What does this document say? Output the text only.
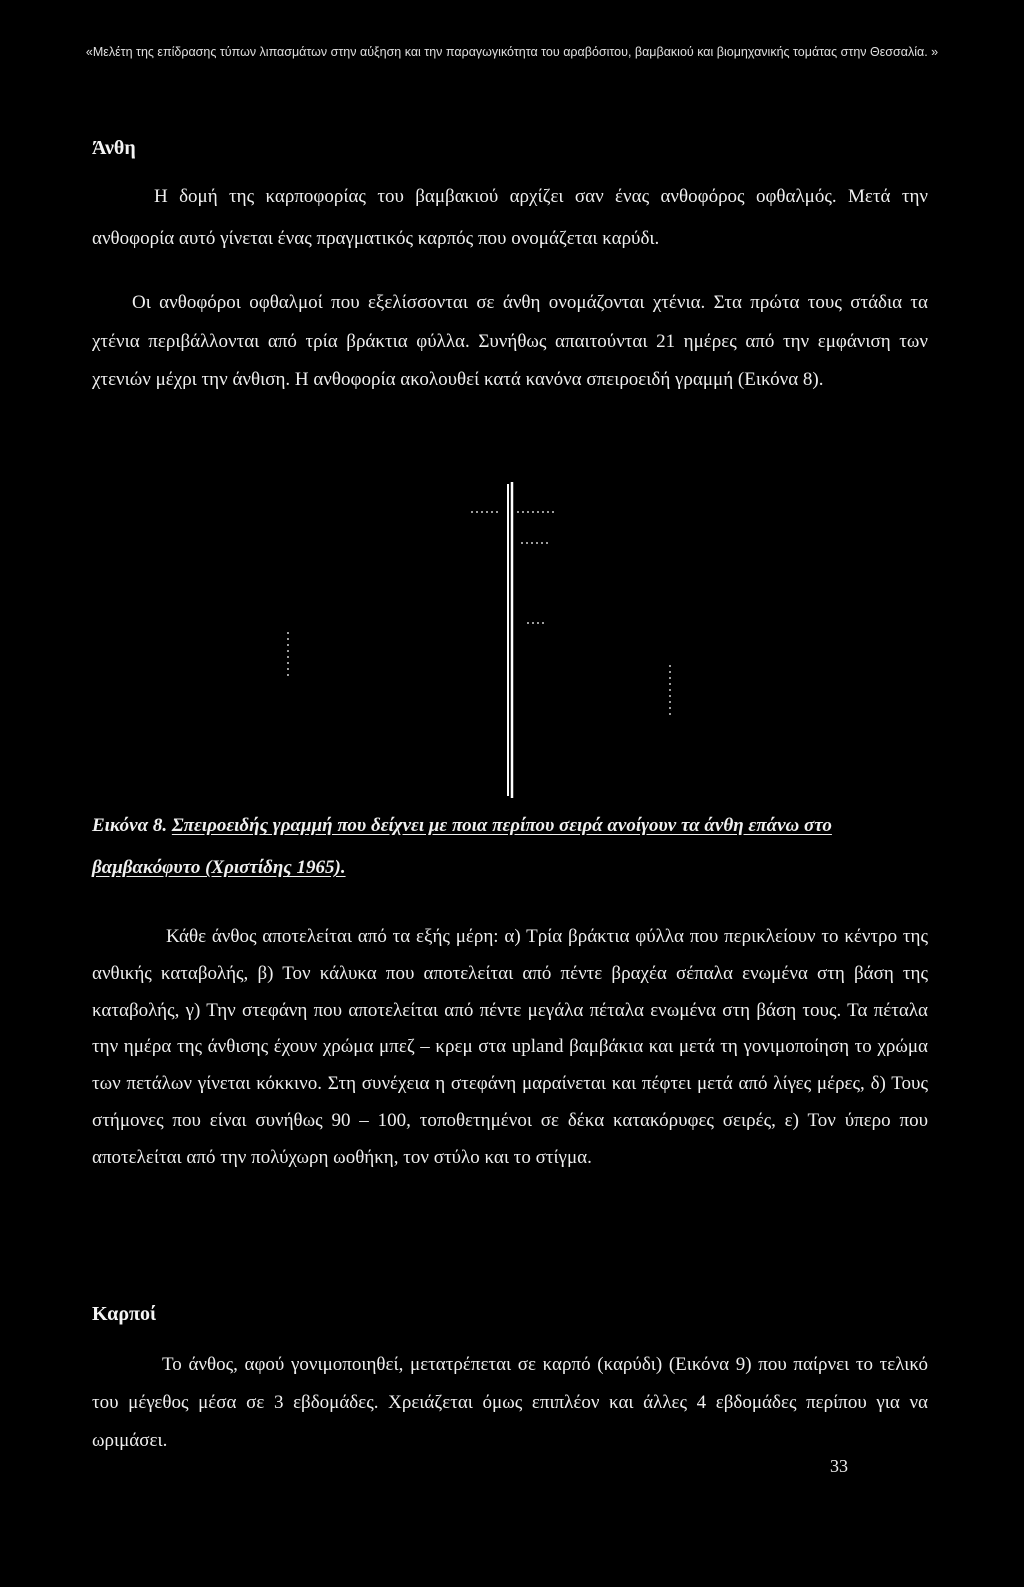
«Μελέτη της επίδρασης τύπων λιπασμάτων στην αύξηση και την παραγωγικότητα του αραβόσιτου, βαμβακιού και βιομηχανικής τομάτας στην Θεσσαλία. »
Άνθη
Η δομή της καρποφορίας του βαμβακιού αρχίζει σαν ένας ανθοφόρος οφθαλμός. Μετά την ανθοφορία αυτό γίνεται ένας πραγματικός καρπός που ονομάζεται καρύδι.
Οι ανθοφόροι οφθαλμοί που εξελίσσονται σε άνθη ονομάζονται χτένια. Στα πρώτα τους στάδια τα χτένια περιβάλλονται από τρία βράκτια φύλλα. Συνήθως απαιτούνται 21 ημέρες από την εμφάνιση των χτενιών μέχρι την άνθιση. Η ανθοφορία ακολουθεί κατά κανόνα σπειροειδή γραμμή (Εικόνα 8).
Εικόνα 8. Σπειροειδής γραμμή που δείχνει με ποια περίπου σειρά ανοίγουν τα άνθη επάνω στο βαμβακόφυτο (Χριστίδης 1965).
Κάθε άνθος αποτελείται από τα εξής μέρη: α) Τρία βράκτια φύλλα που περικλείουν το κέντρο της ανθικής καταβολής, β) Τον κάλυκα που αποτελείται από πέντε βραχέα σέπαλα ενωμένα στη βάση της καταβολής, γ) Την στεφάνη που αποτελείται από πέντε μεγάλα πέταλα ενωμένα στη βάση τους. Τα πέταλα την ημέρα της άνθισης έχουν χρώμα μπεζ – κρεμ στα upland βαμβάκια και μετά τη γονιμοποίηση το χρώμα των πετάλων γίνεται κόκκινο. Στη συνέχεια η στεφάνη μαραίνεται και πέφτει μετά από λίγες μέρες, δ) Τους στήμονες που είναι συνήθως 90 – 100, τοποθετημένοι σε δέκα κατακόρυφες σειρές, ε) Τον ύπερο που αποτελείται από την πολύχωρη ωοθήκη, τον στύλο και το στίγμα.
Καρποί
Το άνθος, αφού γονιμοποιηθεί, μετατρέπεται σε καρπό (καρύδι) (Εικόνα 9) που παίρνει το τελικό του μέγεθος μέσα σε 3 εβδομάδες. Χρειάζεται όμως επιπλέον και άλλες 4 εβδομάδες περίπου για να ωριμάσει.
33
